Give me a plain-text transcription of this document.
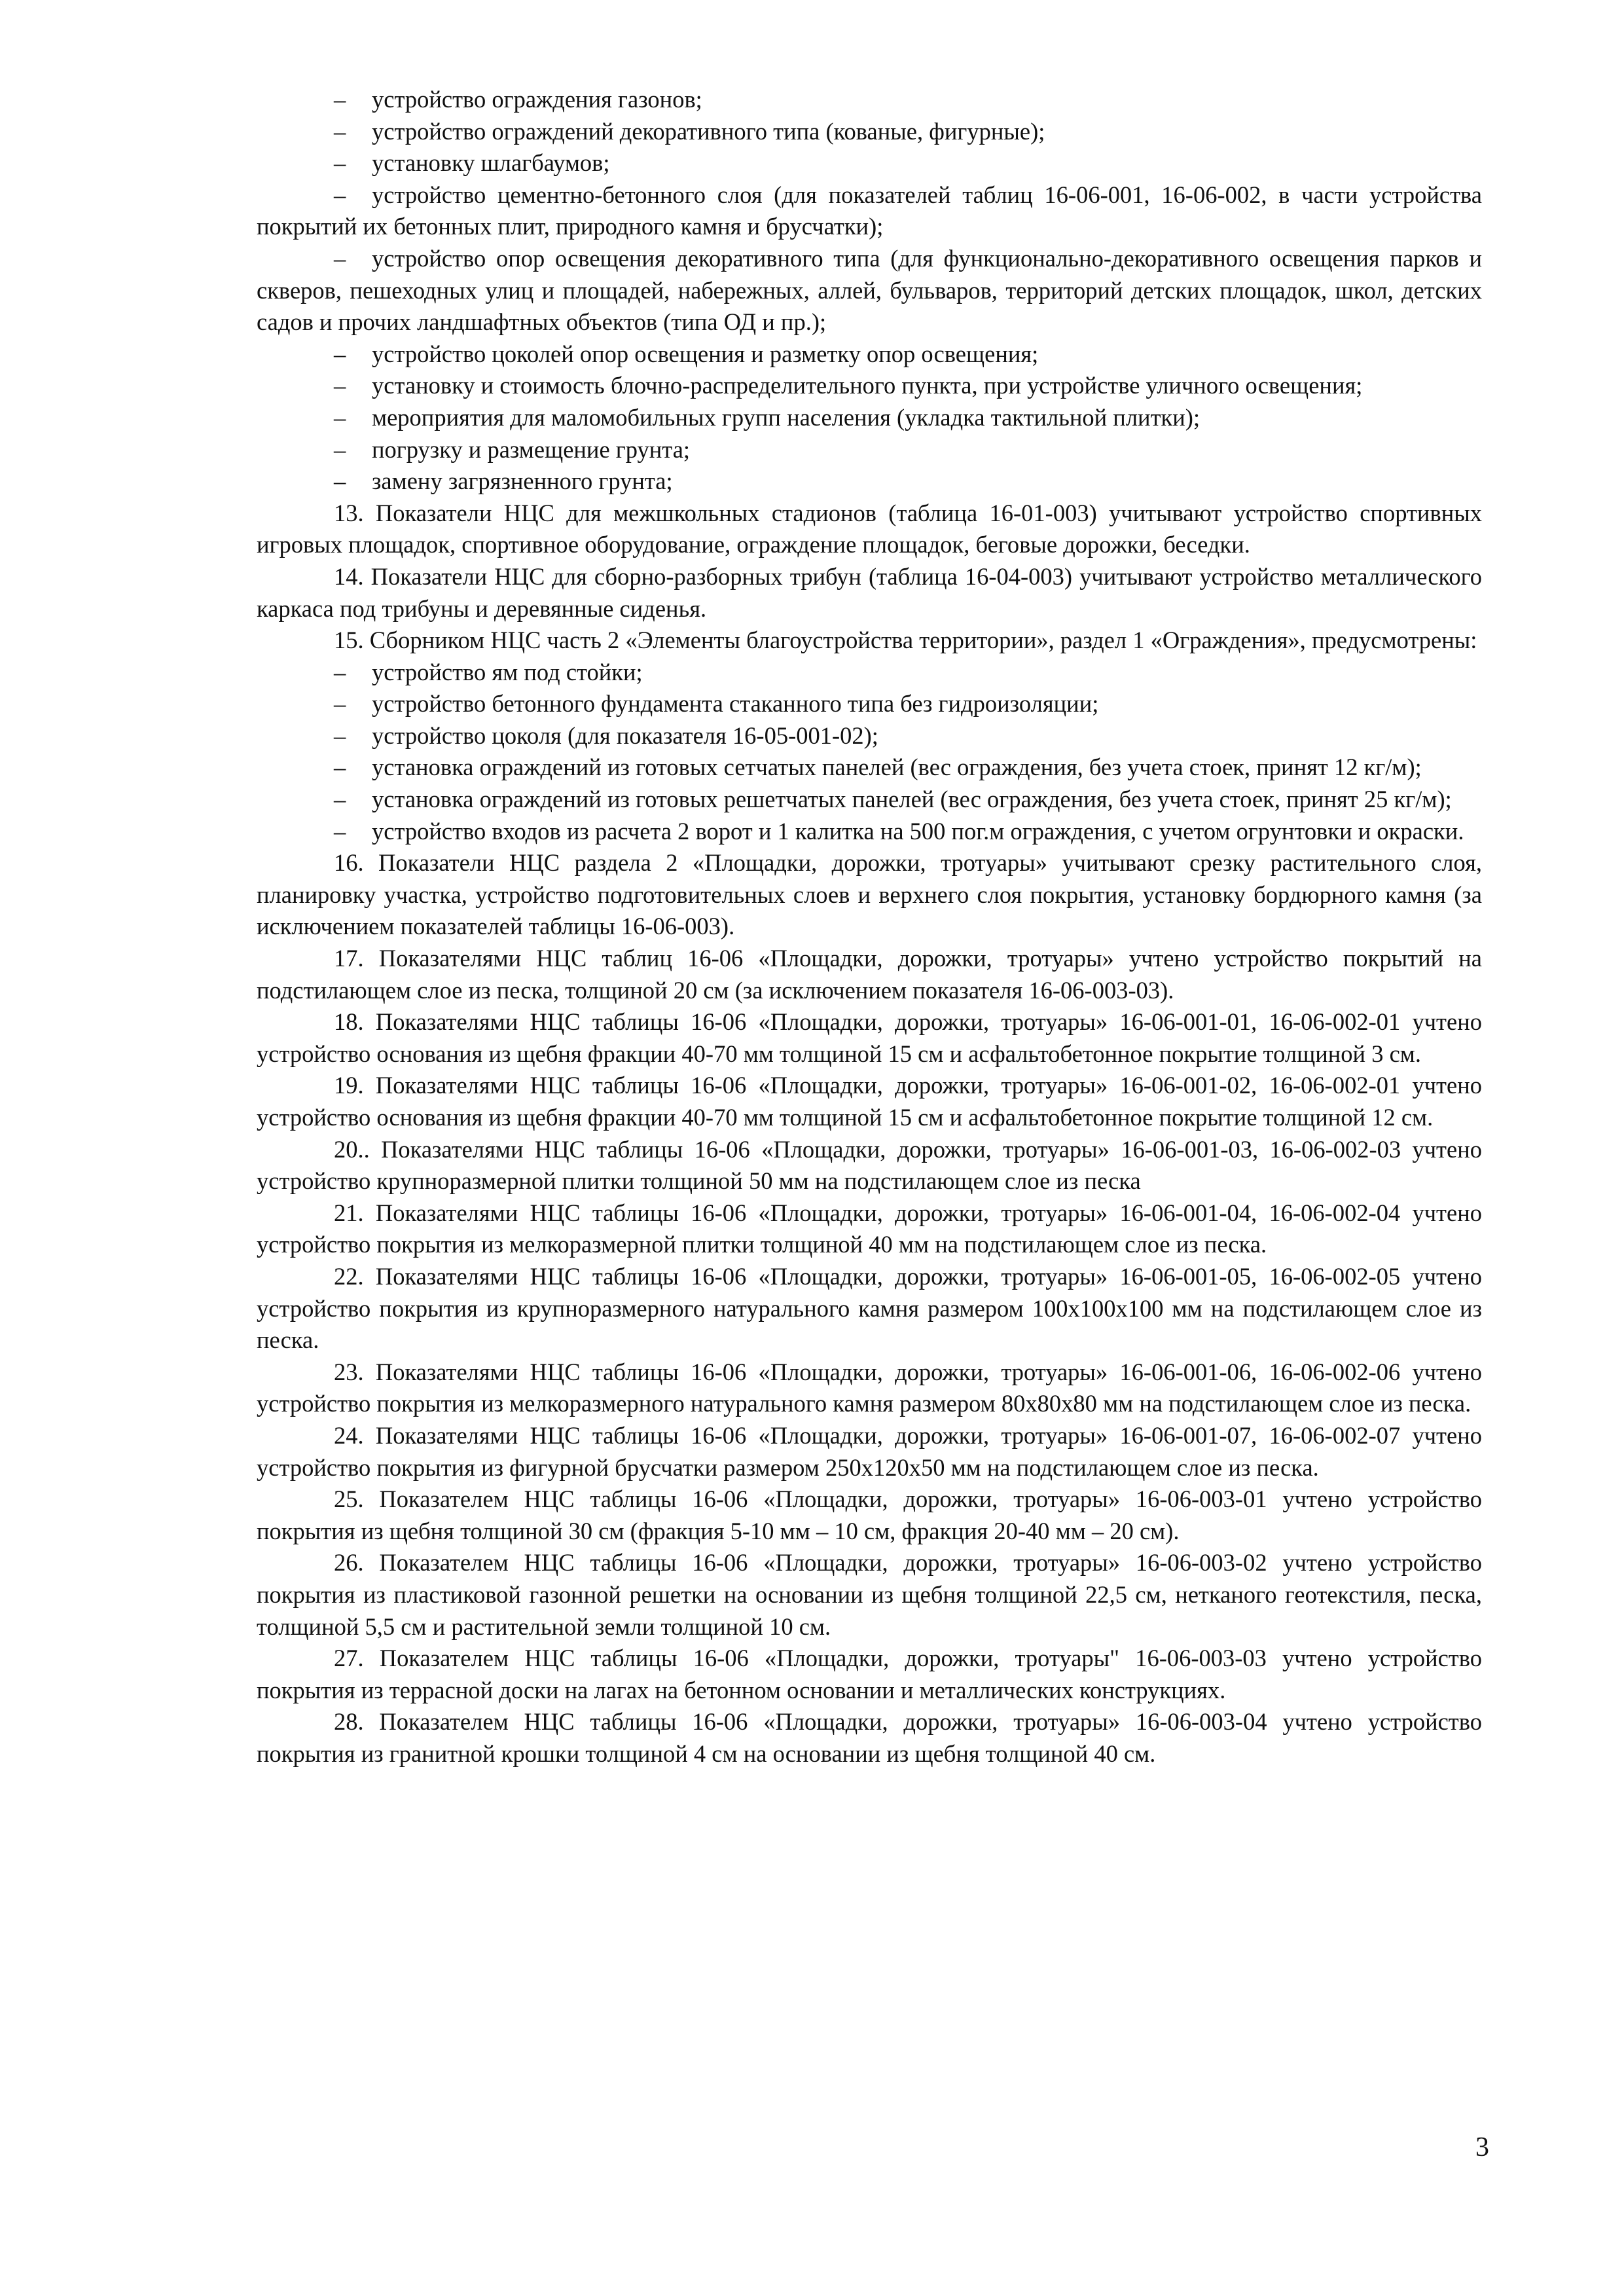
– устройство ограждения газонов;

– устройство ограждений декоративного типа (кованые, фигурные);

– установку шлагбаумов;

– устройство цементно-бетонного слоя (для показателей таблиц 16-06-001, 16-06-002, в части устройства покрытий их бетонных плит, природного камня и брусчатки);

– устройство опор освещения декоративного типа (для функционально-декоративного освещения парков и скверов, пешеходных улиц и площадей, набережных, аллей, бульваров, территорий детских площадок, школ, детских садов и прочих ландшафтных объектов (типа ОД и пр.);

– устройство цоколей опор освещения и разметку опор освещения;

– установку и стоимость блочно-распределительного пункта, при устройстве уличного освещения;

– мероприятия для маломобильных групп населения (укладка тактильной плитки);

– погрузку и размещение грунта;

– замену загрязненного грунта;

13. Показатели НЦС для межшкольных стадионов (таблица 16-01-003) учитывают устройство спортивных игровых площадок, спортивное оборудование, ограждение площадок, беговые дорожки, беседки.

14. Показатели НЦС для сборно-разборных трибун (таблица 16-04-003) учитывают устройство металлического каркаса под трибуны и деревянные сиденья.

15. Сборником НЦС часть 2 «Элементы благоустройства территории», раздел 1 «Ограждения», предусмотрены:

– устройство ям под стойки;

– устройство бетонного фундамента стаканного типа без гидроизоляции;

– устройство цоколя (для показателя 16-05-001-02);

– установка ограждений из готовых сетчатых панелей (вес ограждения, без учета стоек, принят 12 кг/м);

– установка ограждений из готовых решетчатых панелей (вес ограждения, без учета стоек, принят 25 кг/м);

– устройство входов из расчета 2 ворот и 1 калитка на 500 пог.м ограждения, с учетом огрунтовки и окраски.

16. Показатели НЦС раздела 2 «Площадки, дорожки, тротуары» учитывают срезку растительного слоя, планировку участка, устройство подготовительных слоев и верхнего слоя покрытия, установку бордюрного камня (за исключением показателей таблицы 16-06-003).

17. Показателями НЦС таблиц 16-06 «Площадки, дорожки, тротуары» учтено устройство покрытий на подстилающем слое из песка, толщиной 20 см (за исключением показателя 16-06-003-03).

18. Показателями НЦС таблицы 16-06 «Площадки, дорожки, тротуары» 16-06-001-01, 16-06-002-01 учтено устройство основания из щебня фракции 40-70 мм толщиной 15 см и асфальтобетонное покрытие толщиной 3 см.

19. Показателями НЦС таблицы 16-06 «Площадки, дорожки, тротуары» 16-06-001-02, 16-06-002-01 учтено устройство основания из щебня фракции 40-70 мм толщиной 15 см и асфальтобетонное покрытие толщиной 12 см.

20.. Показателями НЦС таблицы 16-06 «Площадки, дорожки, тротуары» 16-06-001-03, 16-06-002-03 учтено устройство крупноразмерной плитки толщиной 50 мм на подстилающем слое из песка

21. Показателями НЦС таблицы 16-06 «Площадки, дорожки, тротуары» 16-06-001-04, 16-06-002-04 учтено устройство покрытия из мелкоразмерной плитки толщиной 40 мм на подстилающем слое из песка.

22. Показателями НЦС таблицы 16-06 «Площадки, дорожки, тротуары» 16-06-001-05, 16-06-002-05 учтено устройство покрытия из крупноразмерного натурального камня размером 100х100х100 мм на подстилающем слое из песка.

23. Показателями НЦС таблицы 16-06 «Площадки, дорожки, тротуары» 16-06-001-06, 16-06-002-06 учтено устройство покрытия из мелкоразмерного натурального камня размером 80х80х80 мм на подстилающем слое из песка.

24. Показателями НЦС таблицы 16-06 «Площадки, дорожки, тротуары» 16-06-001-07, 16-06-002-07 учтено устройство покрытия из фигурной брусчатки размером 250х120х50 мм на подстилающем слое из песка.

25. Показателем НЦС таблицы 16-06 «Площадки, дорожки, тротуары» 16-06-003-01 учтено устройство покрытия из щебня толщиной 30 см (фракция 5-10 мм – 10 см, фракция 20-40 мм – 20 см).

26. Показателем НЦС таблицы 16-06 «Площадки, дорожки, тротуары» 16-06-003-02 учтено устройство покрытия из пластиковой газонной решетки на основании из щебня толщиной 22,5 см, нетканого геотекстиля, песка, толщиной 5,5 см и растительной земли толщиной 10 см.

27. Показателем НЦС таблицы 16-06 «Площадки, дорожки, тротуары" 16-06-003-03 учтено устройство покрытия из террасной доски на лагах на бетонном основании и металлических конструкциях.

28. Показателем НЦС таблицы 16-06 «Площадки, дорожки, тротуары» 16-06-003-04 учтено устройство покрытия из гранитной крошки толщиной 4 см на основании из щебня толщиной 40 см.

3
